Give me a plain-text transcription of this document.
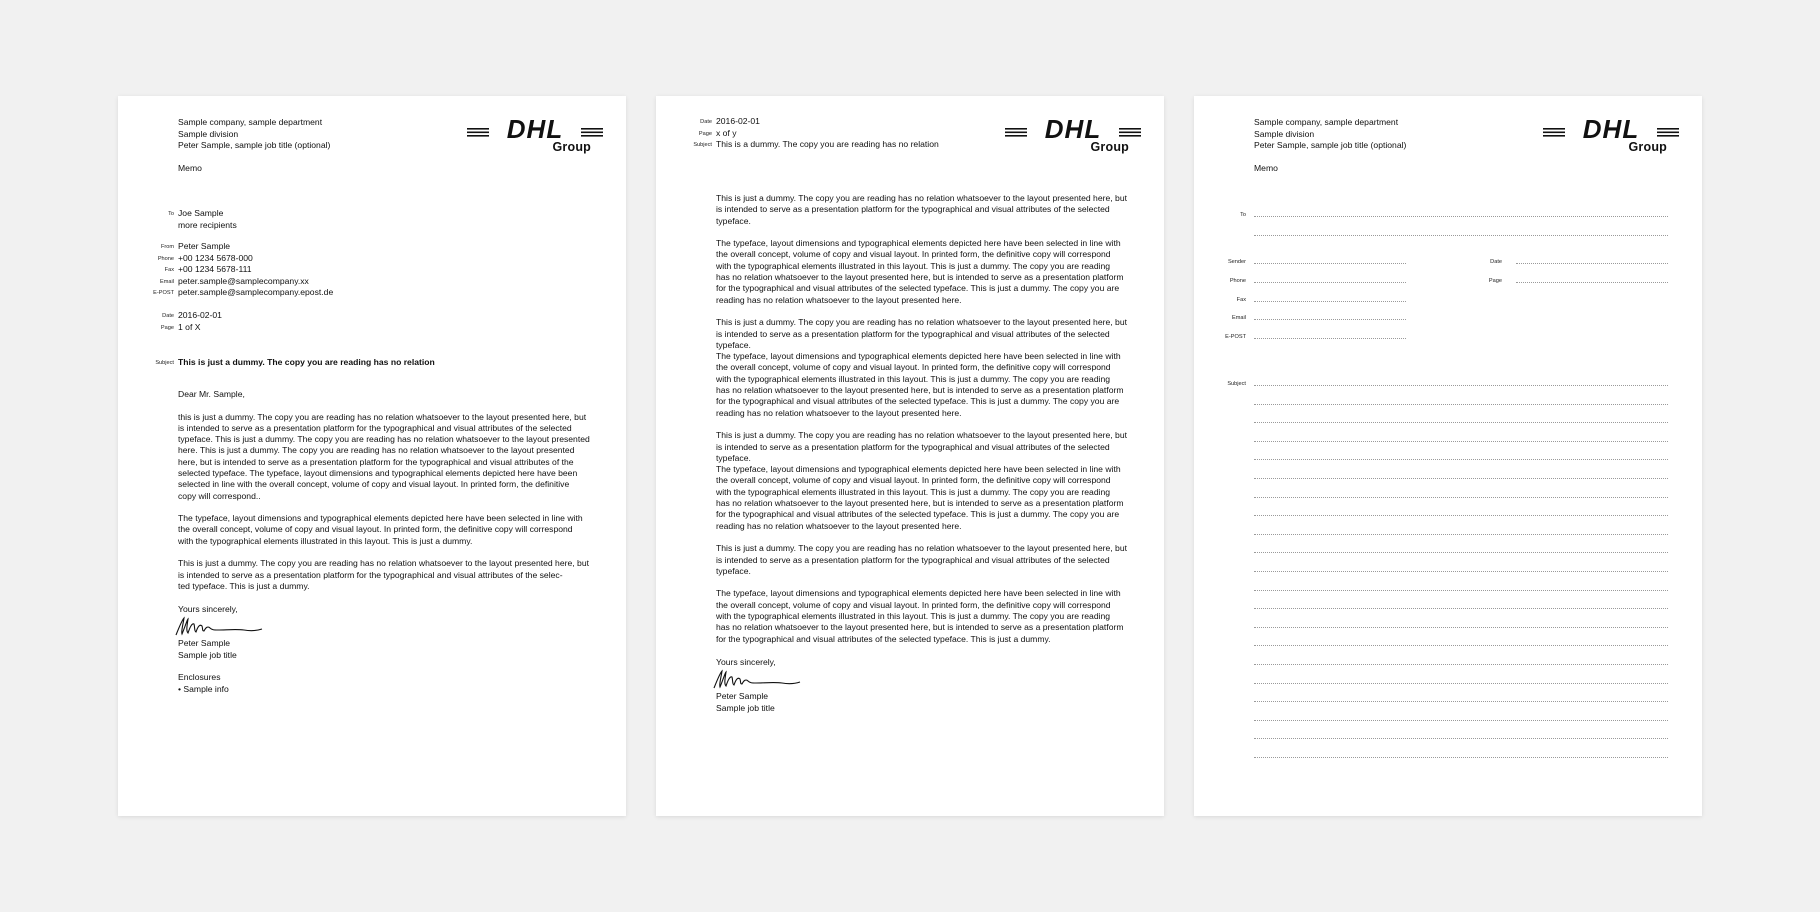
DHL
Group
Sample company, sample department
Sample division
Peter Sample, sample job title (optional)
Memo
To Joe Sample
more recipients
From Peter Sample
Phone +00 1234 5678-000
Fax +00 1234 5678-111
Email peter.sample@samplecompany.xx
E-POST peter.sample@samplecompany.epost.de
Date 2016-02-01
Page 1 of X
Subject This is just a dummy. The copy you are reading has no relation
Dear Mr. Sample,
this is just a dummy. The copy you are reading has no relation whatsoever to the layout presented here, but
is intended to serve as a presentation platform for the typographical and visual attributes of the selected
typeface. This is just a dummy. The copy you are reading has no relation whatsoever to the layout presented
here. This is just a dummy. The copy you are reading has no relation whatsoever to the layout presented
here, but is intended to serve as a presentation platform for the typographical and visual attributes of the
selected typeface. The typeface, layout dimensions and typographical elements depicted here have been
selected in line with the overall concept, volume of copy and visual layout. In printed form, the definitive
copy will correspond..
The typeface, layout dimensions and typographical elements depicted here have been selected in line with
the overall concept, volume of copy and visual layout. In printed form, the definitive copy will correspond
with the typographical elements illustrated in this layout. This is just a dummy.
This is just a dummy. The copy you are reading has no relation whatsoever to the layout presented here, but
is intended to serve as a presentation platform for the typographical and visual attributes of the selec-
ted typeface. This is just a dummy.
Yours sincerely,
Peter Sample
Sample job title
Enclosures
• Sample info
DHL
Group
Date 2016-02-01
Page x of y
Subject This is a dummy. The copy you are reading has no relation
This is just a dummy. The copy you are reading has no relation whatsoever to the layout presented here, but
is intended to serve as a presentation platform for the typographical and visual attributes of the selected
typeface.
The typeface, layout dimensions and typographical elements depicted here have been selected in line with
the overall concept, volume of copy and visual layout. In printed form, the definitive copy will correspond
with the typographical elements illustrated in this layout. This is just a dummy. The copy you are reading
has no relation whatsoever to the layout presented here, but is intended to serve as a presentation platform
for the typographical and visual attributes of the selected typeface. This is just a dummy. The copy you are
reading has no relation whatsoever to the layout presented here.
This is just a dummy. The copy you are reading has no relation whatsoever to the layout presented here, but
is intended to serve as a presentation platform for the typographical and visual attributes of the selected
typeface.
The typeface, layout dimensions and typographical elements depicted here have been selected in line with
the overall concept, volume of copy and visual layout. In printed form, the definitive copy will correspond
with the typographical elements illustrated in this layout. This is just a dummy. The copy you are reading
has no relation whatsoever to the layout presented here, but is intended to serve as a presentation platform
for the typographical and visual attributes of the selected typeface. This is just a dummy. The copy you are
reading has no relation whatsoever to the layout presented here.
This is just a dummy. The copy you are reading has no relation whatsoever to the layout presented here, but
is intended to serve as a presentation platform for the typographical and visual attributes of the selected
typeface.
The typeface, layout dimensions and typographical elements depicted here have been selected in line with
the overall concept, volume of copy and visual layout. In printed form, the definitive copy will correspond
with the typographical elements illustrated in this layout. This is just a dummy. The copy you are reading
has no relation whatsoever to the layout presented here, but is intended to serve as a presentation platform
for the typographical and visual attributes of the selected typeface. This is just a dummy. The copy you are
reading has no relation whatsoever to the layout presented here.
This is just a dummy. The copy you are reading has no relation whatsoever to the layout presented here, but
is intended to serve as a presentation platform for the typographical and visual attributes of the selected
typeface.
The typeface, layout dimensions and typographical elements depicted here have been selected in line with
the overall concept, volume of copy and visual layout. In printed form, the definitive copy will correspond
with the typographical elements illustrated in this layout. This is just a dummy. The copy you are reading
has no relation whatsoever to the layout presented here, but is intended to serve as a presentation platform
for the typographical and visual attributes of the selected typeface. This is just a dummy.
Yours sincerely,
Peter Sample
Sample job title
DHL
Group
Sample company, sample department
Sample division
Peter Sample, sample job title (optional)
Memo
To
Sender
Phone
Fax
Email
E-POST
Date
Page
Subject
